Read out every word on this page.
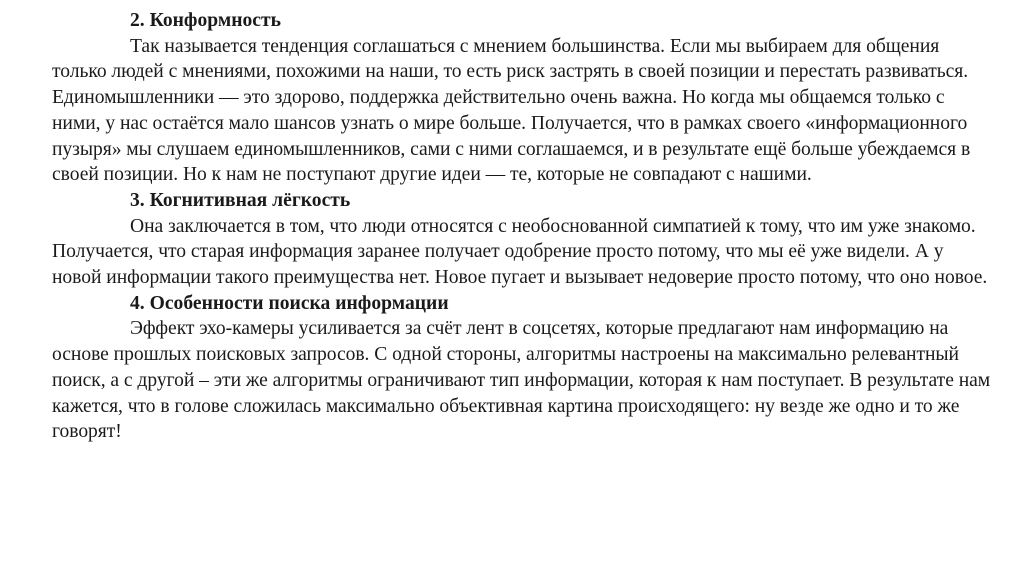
2. Конформность

Так называется тенденция соглашаться с мнением большинства. Если мы выбираем для общения только людей с мнениями, похожими на наши, то есть риск застрять в своей позиции и перестать развиваться. Единомышленники — это здорово, поддержка действительно очень важна. Но когда мы общаемся только с ними, у нас остаётся мало шансов узнать о мире больше. Получается, что в рамках своего «информационного пузыря» мы слушаем единомышленников, сами с ними соглашаемся, и в результате ещё больше убеждаемся в своей позиции. Но к нам не поступают другие идеи — те, которые не совпадают с нашими.

3. Когнитивная лёгкость

Она заключается в том, что люди относятся с необоснованной симпатией к тому, что им уже знакомо. Получается, что старая информация заранее получает одобрение просто потому, что мы её уже видели. А у новой информации такого преимущества нет. Новое пугает и вызывает недоверие просто потому, что оно новое.

4. Особенности поиска информации

Эффект эхо-камеры усиливается за счёт лент в соцсетях, которые предлагают нам информацию на основе прошлых поисковых запросов. С одной стороны, алгоритмы настроены на максимально релевантный поиск, а с другой – эти же алгоритмы ограничивают тип информации, которая к нам поступает. В результате нам кажется, что в голове сложилась максимально объективная картина происходящего: ну везде же одно и то же говорят!
